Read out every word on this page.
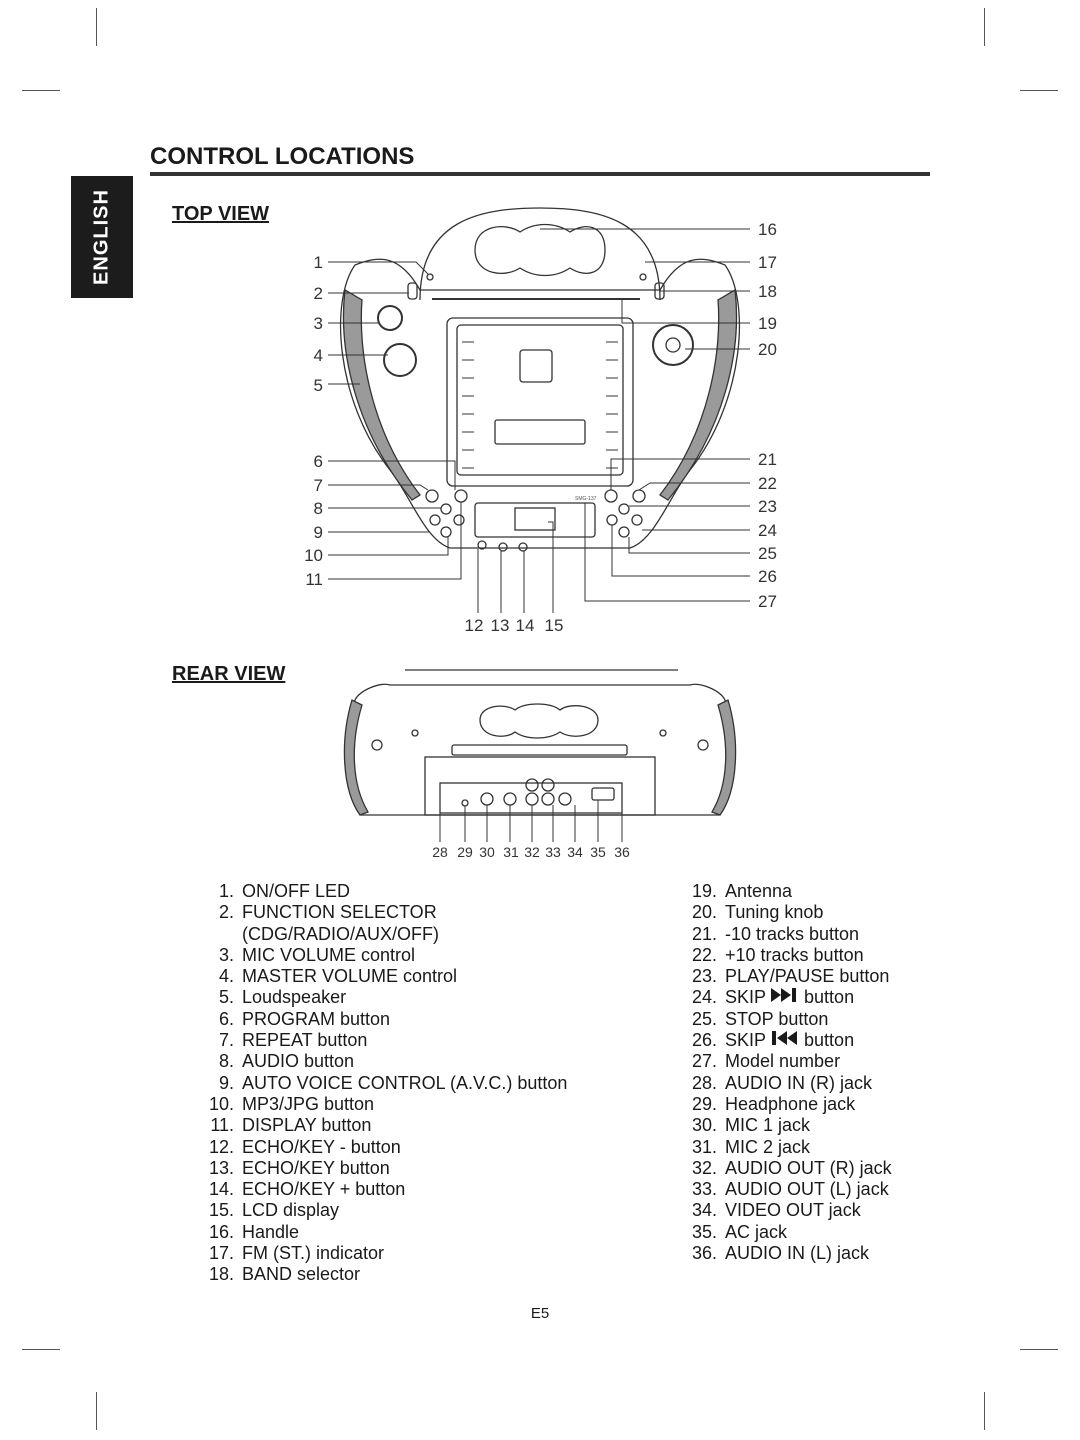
ENGLISH
CONTROL LOCATIONS
TOP VIEW
REAR VIEW
SMG-137
1
2
3
4
5
6
7
8
9
10
11
16
17
18
19
20
21
22
23
24
25
26
27
12 13 14 15
28 29 30 31 32 33 34 35 36
1. ON/OFF LED
2. FUNCTION SELECTOR
(CDG/RADIO/AUX/OFF)
3. MIC VOLUME control
4. MASTER VOLUME control
5. Loudspeaker
6. PROGRAM button
7. REPEAT button
8. AUDIO button
9. AUTO VOICE CONTROL (A.V.C.) button
10. MP3/JPG button
11. DISPLAY button
12. ECHO/KEY - button
13. ECHO/KEY button
14. ECHO/KEY + button
15. LCD display
16. Handle
17. FM (ST.) indicator
18. BAND selector
19. Antenna
20. Tuning knob
21. -10 tracks button
22. +10 tracks button
23. PLAY/PAUSE button
24. SKIP button
25. STOP button
26. SKIP button
27. Model number
28. AUDIO IN (R) jack
29. Headphone jack
30. MIC 1 jack
31. MIC 2 jack
32. AUDIO OUT (R) jack
33. AUDIO OUT (L) jack
34. VIDEO OUT jack
35. AC jack
36. AUDIO IN (L) jack
E5
